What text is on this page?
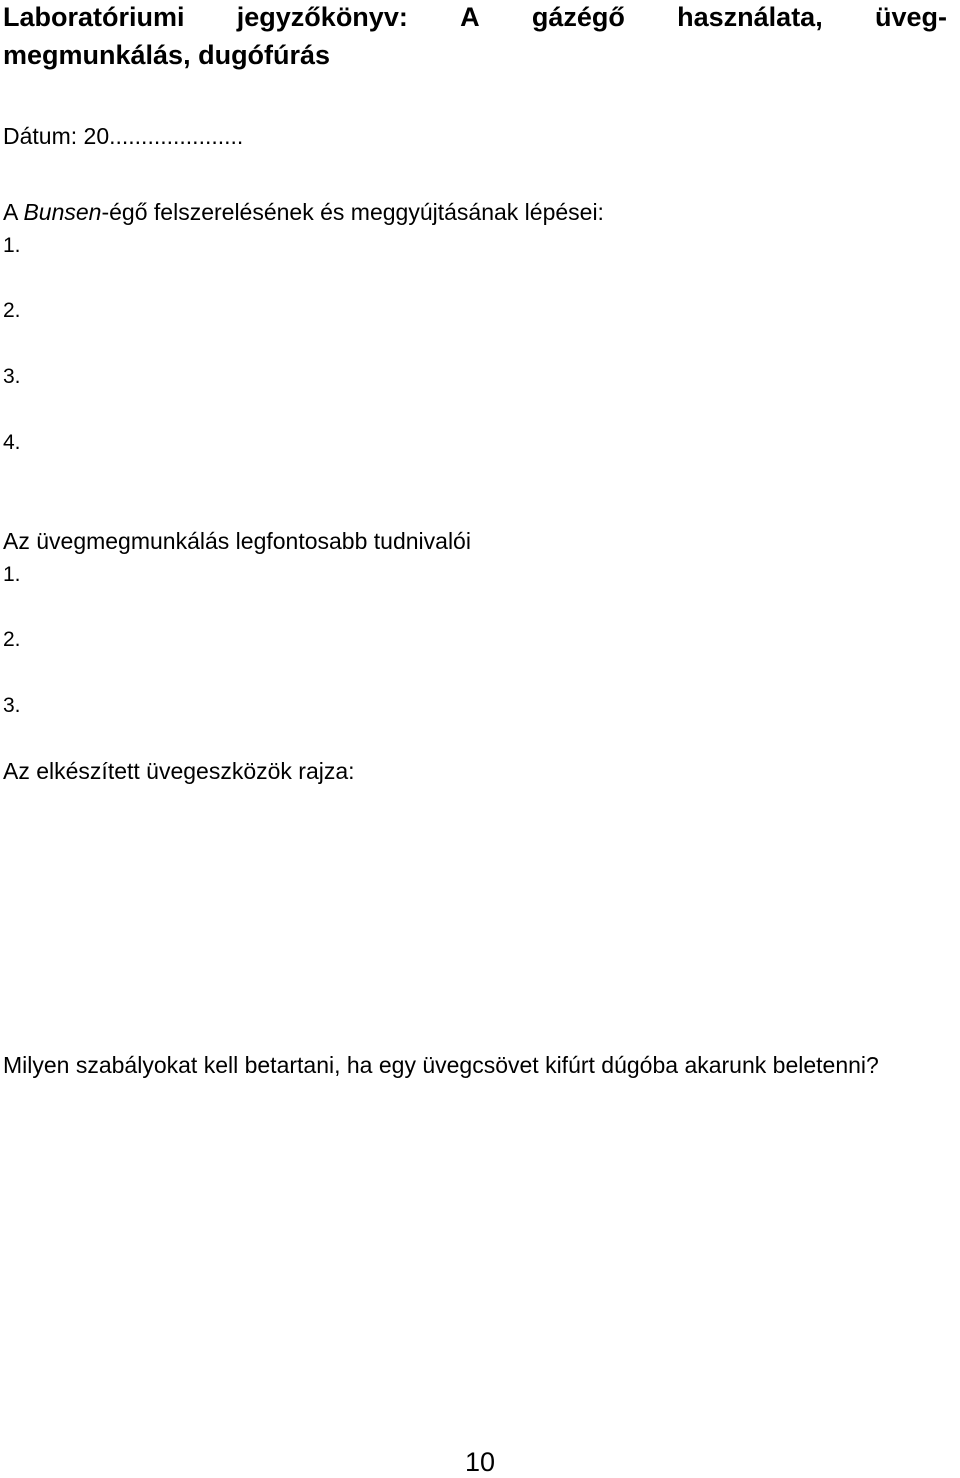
Laboratóriumi jegyzőkönyv: A gázégő használata, üveg-
megmunkálás, dugófúrás
Dátum: 20.....................
A Bunsen-égő felszerelésének és meggyújtásának lépései:
1.
2.
3.
4.
Az üvegmegmunkálás legfontosabb tudnivalói
1.
2.
3.
Az elkészített üvegeszközök rajza:
Milyen szabályokat kell betartani, ha egy üvegcsövet kifúrt dúgóba akarunk beletenni?
10
